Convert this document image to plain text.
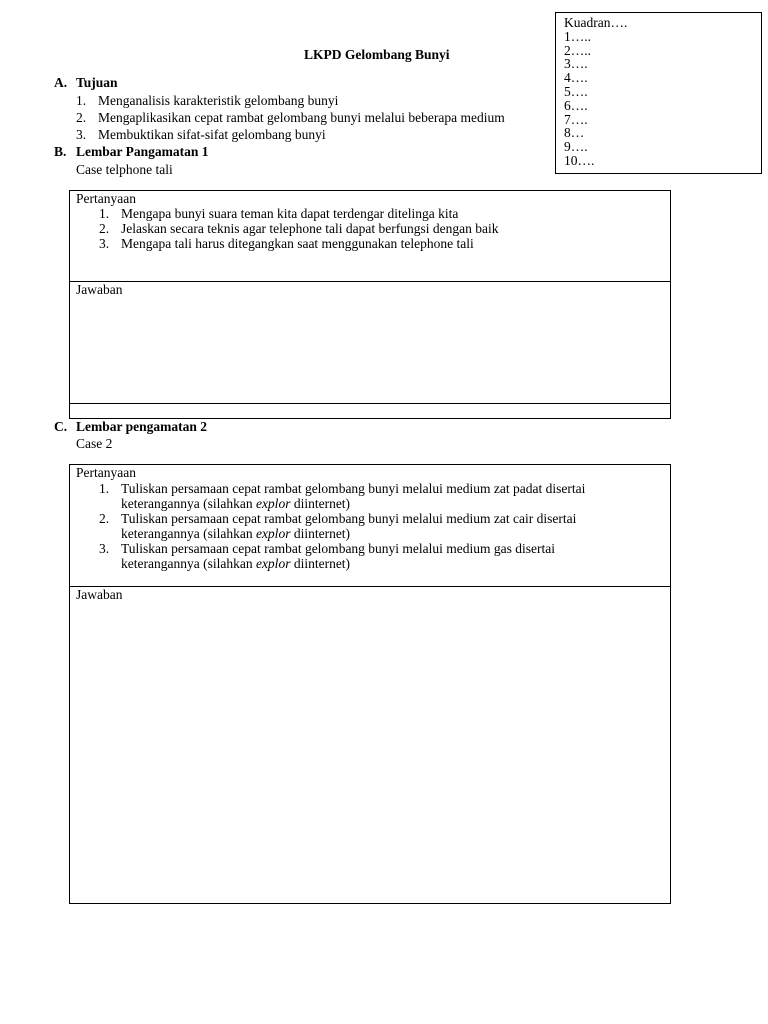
Kuadran….
1…..
2…..
3….
4….
5….
6….
7….
8…
9….
10….
LKPD Gelombang Bunyi
A. Tujuan
1. Menganalisis karakteristik gelombang bunyi
2. Mengaplikasikan cepat rambat gelombang bunyi melalui beberapa medium
3. Membuktikan sifat-sifat gelombang bunyi
B. Lembar Pangamatan 1
Case telphone tali
Pertanyaan
1. Mengapa bunyi suara teman kita dapat terdengar ditelinga kita
2. Jelaskan secara teknis agar telephone tali dapat berfungsi dengan baik
3. Mengapa tali harus ditegangkan saat menggunakan telephone tali
Jawaban
C. Lembar pengamatan 2
Case 2
Pertanyaan
1. Tuliskan persamaan cepat rambat gelombang bunyi melalui medium zat padat disertai
keterangannya (silahkan explor diinternet)
2. Tuliskan persamaan cepat rambat gelombang bunyi melalui medium zat cair disertai
keterangannya (silahkan explor diinternet)
3. Tuliskan persamaan cepat rambat gelombang bunyi melalui medium gas disertai
keterangannya (silahkan explor diinternet)
Jawaban
